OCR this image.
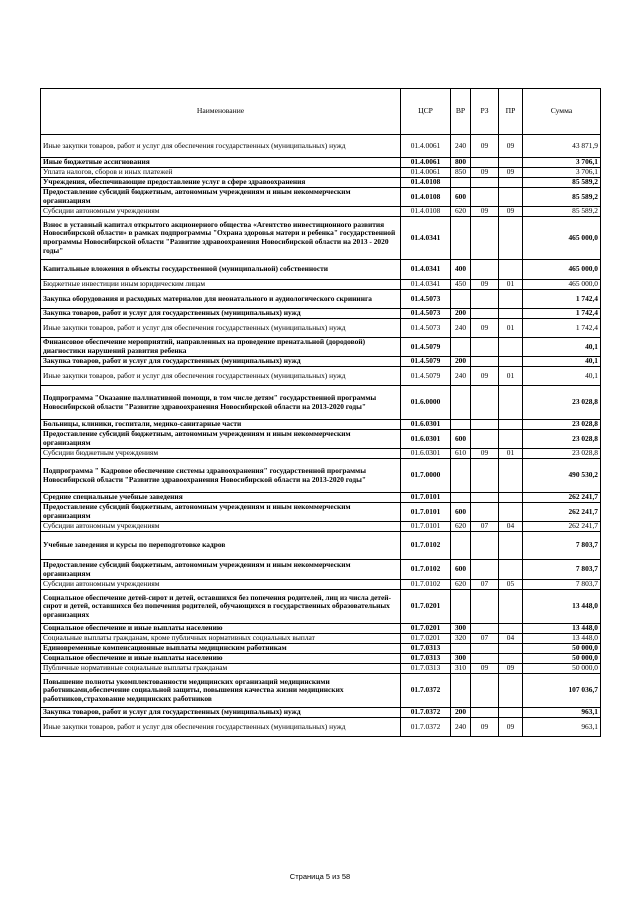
Наименование	ЦСР	ВР	РЗ	ПР	Сумма
Иные закупки товаров, работ и услуг для обеспечения государственных (муниципальных) нужд	01.4.0061	240	09	09	43 871,9
Иные бюджетные ассигнования	01.4.0061	800			3 706,1
Уплата налогов, сборов и иных платежей	01.4.0061	850	09	09	3 706,1
Учреждения, обеспечивающие предоставление услуг в сфере здравоохранения	01.4.0108				85 589,2
Предоставление субсидий бюджетным, автономным учреждениям и иным некоммерческим организациям	01.4.0108	600			85 589,2
Субсидии автономным учреждениям	01.4.0108	620	09	09	85 589,2
Взнос в уставный капитал открытого акционерного общества «Агентство инвестиционного развития Новосибирской области» в рамках подпрограммы "Охрана здоровья матери и ребенка" государственной программы Новосибирской области "Развитие здравоохранения Новосибирской области на 2013 - 2020 годы"	01.4.0341				465 000,0
Капитальные вложения в объекты государственной (муниципальной) собственности	01.4.0341	400			465 000,0
Бюджетные инвестиции иным юридическим лицам	01.4.0341	450	09	01	465 000,0
Закупка оборудования и расходных материалов для неонатального и аудиологического скрининга	01.4.5073				1 742,4
Закупка товаров, работ и услуг для государственных (муниципальных) нужд	01.4.5073	200			1 742,4
Иные закупки товаров, работ и услуг для обеспечения государственных (муниципальных) нужд	01.4.5073	240	09	01	1 742,4
Финансовое обеспечение мероприятий, направленных на проведение пренатальной (дородовой) диагностики нарушений развития ребенка	01.4.5079				40,1
Закупка товаров, работ и услуг для государственных (муниципальных) нужд	01.4.5079	200			40,1
Иные закупки товаров, работ и услуг для обеспечения государственных (муниципальных) нужд	01.4.5079	240	09	01	40,1
Подпрограмма "Оказание паллиативной помощи, в том числе детям" государственной программы Новосибирской области "Развитие здравоохранения Новосибирской области на 2013-2020 годы"	01.6.0000				23 028,8
Больницы, клиники, госпитали, медико-санитарные части	01.6.0301				23 028,8
Предоставление субсидий бюджетным, автономным учреждениям и иным некоммерческим организациям	01.6.0301	600			23 028,8
Субсидии бюджетным учреждениям	01.6.0301	610	09	01	23 028,8
Подпрограмма " Кадровое обеспечение системы здравоохранения" государственной программы Новосибирской области "Развитие здравоохранения Новосибирской области на 2013-2020 годы"	01.7.0000				490 530,2
Средние специальные учебные заведения	01.7.0101				262 241,7
Предоставление субсидий бюджетным, автономным учреждениям и иным некоммерческим организациям	01.7.0101	600			262 241,7
Субсидии автономным учреждениям	01.7.0101	620	07	04	262 241,7
Учебные заведения и курсы по переподготовке кадров	01.7.0102				7 803,7
Предоставление субсидий бюджетным, автономным учреждениям и иным некоммерческим организациям	01.7.0102	600			7 803,7
Субсидии автономным учреждениям	01.7.0102	620	07	05	7 803,7
Социальное обеспечение детей-сирот и детей, оставшихся без попечения родителей, лиц из числа детей-сирот и детей, оставшихся без попечения родителей, обучающихся в государственных образовательных организациях	01.7.0201				13 448,0
Социальное обеспечение и иные выплаты населению	01.7.0201	300			13 448,0
Социальные выплаты гражданам, кроме публичных нормативных социальных выплат	01.7.0201	320	07	04	13 448,0
Единовременные компенсационные выплаты медицинским работникам	01.7.0313				50 000,0
Социальное обеспечение и иные выплаты населению	01.7.0313	300			50 000,0
Публичные нормативные социальные выплаты гражданам	01.7.0313	310	09	09	50 000,0
Повышение полноты укомплектованности медицинских организаций медицинскими работниками,обеспечение социальной защиты, повышения качества жизни медицинских работников,страхование медицинских работников	01.7.0372				107 036,7
Закупка товаров, работ и услуг для государственных (муниципальных) нужд	01.7.0372	200			963,1
Иные закупки товаров, работ и услуг для обеспечения государственных (муниципальных) нужд	01.7.0372	240	09	09	963,1
Страница 5 из 58
